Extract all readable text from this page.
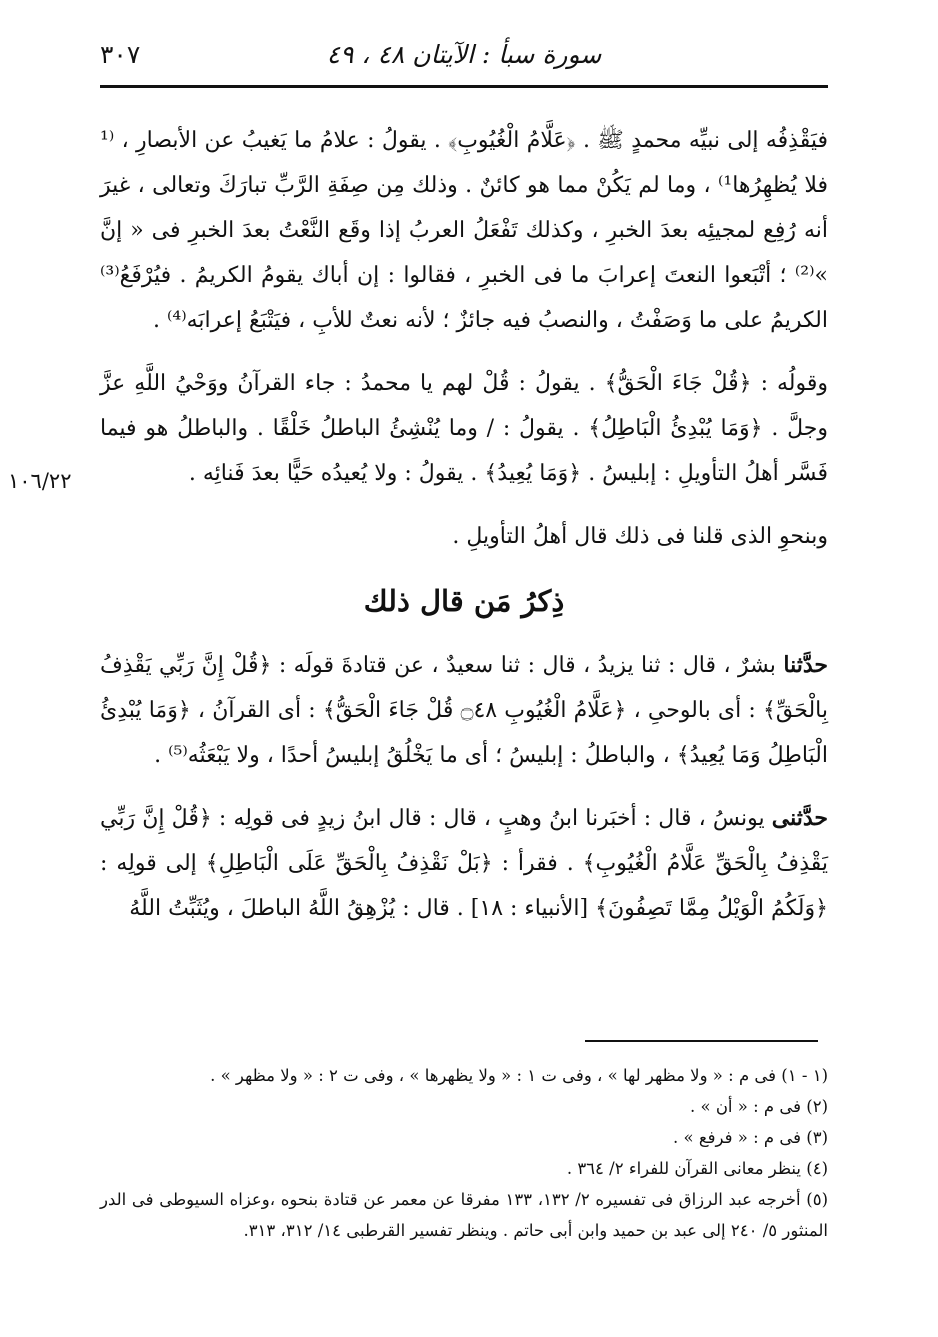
سورة سبأ : الآيتان ٤٨ ، ٤٩
٣٠٧
١٠٦/٢٢

فيَقْذِفُه إلى نبيِّه محمدٍ ﷺ . ﴿عَلَّامُ الْغُيُوبِ﴾ . يقولُ : علامُ ما يَغيبُ عن الأبصارِ ، ⁽¹ فلا يُظهِرُها¹⁾ ، وما لم يَكُنْ مما هو كائنٌ . وذلك مِن صِفَةِ الرَّبِّ تبارَكَ وتعالى ، غيرَ أنه رُفِع لمجيئِه بعدَ الخبرِ ، وكذلك تَفْعَلُ العربُ إذا وقَع النَّعْتُ بعدَ الخبرِ فى « إنَّ »⁽²⁾ ؛ أتْبَعوا النعتَ إعرابَ ما فى الخبرِ ، فقالوا : إن أباك يقومُ الكريمُ . فيُرْفَعُ⁽³⁾ الكريمُ على ما وَصَفْتُ ، والنصبُ فيه جائزٌ ؛ لأنه نعتٌ للأبِ ، فيَتْبَعُ إعرابَه⁽⁴⁾ .

وقولُه : ﴿قُلْ جَاءَ الْحَقُّ﴾ . يقولُ : قُلْ لهم يا محمدُ : جاء القرآنُ ووَحْيُ اللَّهِ عزَّ وجلَّ . ﴿وَمَا يُبْدِئُ الْبَاطِلُ﴾ . يقولُ : / وما يُنْشِئُ الباطلُ خَلْقًا . والباطلُ هو فيما فَسَّر أهلُ التأويلِ : إبليسُ . ﴿وَمَا يُعِيدُ﴾ . يقولُ : ولا يُعيدُه حَيًّا بعدَ فَنائِه .

وبنحوِ الذى قلنا فى ذلك قال أهلُ التأويلِ .

ذِكرُ مَن قال ذلك

حدَّثنا بشرٌ ، قال : ثنا يزيدُ ، قال : ثنا سعيدٌ ، عن قتادةَ قولَه : ﴿قُلْ إِنَّ رَبِّي يَقْذِفُ بِالْحَقِّ﴾ : أى بالوحىِ ، ﴿عَلَّامُ الْغُيُوبِ ۝٤٨ قُلْ جَاءَ الْحَقُّ﴾ : أى القرآنُ ، ﴿وَمَا يُبْدِئُ الْبَاطِلُ وَمَا يُعِيدُ﴾ ، والباطلُ : إبليسُ ؛ أى ما يَخْلُقُ إبليسُ أحدًا ، ولا يَبْعَثُه⁽⁵⁾ .

حدَّثنى يونسُ ، قال : أخبَرنا ابنُ وهبٍ ، قال : قال ابنُ زيدٍ فى قولِه : ﴿قُلْ إِنَّ رَبِّي يَقْذِفُ بِالْحَقِّ عَلَّامُ الْغُيُوبِ﴾ . فقرأ : ﴿بَلْ نَقْذِفُ بِالْحَقِّ عَلَى الْبَاطِلِ﴾ إلى قولِه : ﴿وَلَكُمُ الْوَيْلُ مِمَّا تَصِفُونَ﴾ [الأنبياء : ١٨] . قال : يُزْهِقُ اللَّهُ الباطلَ ، ويُثَبِّتُ اللَّهُ

(١ - ١) فى م : « ولا مظهر لها » ، وفى ت ١ : « ولا يظهرها » ، وفى ت ٢ : « ولا مظهر » .

(٢) فى م : « أن » .

(٣) فى م : « فرفع » .

(٤) ينظر معانى القرآن للفراء ٢/ ٣٦٤ .

(٥) أخرجه عبد الرزاق فى تفسيره ٢/ ١٣٢، ١٣٣ مفرقا عن معمر عن قتادة بنحوه ،وعزاه السيوطى فى الدر المنثور ٥/ ٢٤٠ إلى عبد بن حميد وابن أبى حاتم . وينظر تفسير القرطبى ١٤/ ٣١٢، ٣١٣.
